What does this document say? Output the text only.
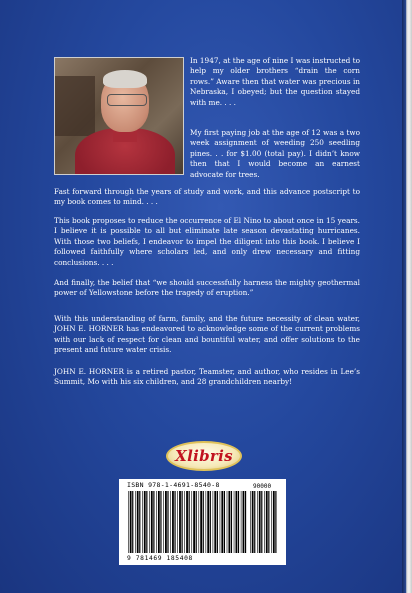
In 1947, at the age of nine I was instructed to help my older brothers “drain the corn rows.” Aware then that water was precious in Nebraska, I obeyed; but the question stayed with me. . . .

My first paying job at the age of 12 was a two week assignment of weeding 250 seedling pines. . . for $1.00 (total pay). I didn’t know then that I would become an earnest advocate for trees.

Fast forward through the years of study and work, and this advance postscript to my book comes to mind. . . .

This book proposes to reduce the occurrence of El Nino to about once in 15 years. I believe it is possible to all but eliminate late season devastating hurricanes. With those two beliefs, I endeavor to impel the diligent into this book. I believe I followed faithfully where scholars led, and only drew necessary and fitting conclusions. . . .

And finally, the belief that “we should successfully harness the mighty geothermal power of Yellowstone before the tragedy of eruption.”

With this understanding of farm, family, and the future necessity of clean water, JOHN E. HORNER has endeavored to acknowledge some of the current problems with our lack of respect for clean and bountiful water, and offer solutions to the present and future water crisis.

JOHN E. HORNER is a retired pastor, Teamster, and author, who resides in Lee’s Summit, Mo with his six children, and 28 grandchildren nearby!

Xlibris
ISBN 978-1-4691-8540-8	90000
9 781469 185408
